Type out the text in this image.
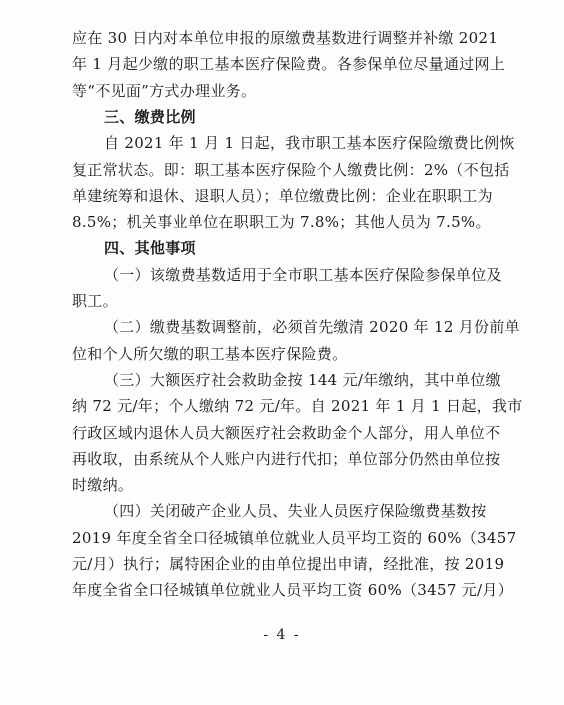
应在 30 日内对本单位申报的原缴费基数进行调整并补缴 2021
年 1 月起少缴的职工基本医疗保险费。各参保单位尽量通过网上
等“不见面”方式办理业务。
三、缴费比例
自 2021 年 1 月 1 日起，我市职工基本医疗保险缴费比例恢
复正常状态。即：职工基本医疗保险个人缴费比例：2%（不包括
单建统筹和退休、退职人员）；单位缴费比例：企业在职职工为
8.5%；机关事业单位在职职工为 7.8%；其他人员为 7.5%。
四、其他事项
（一）该缴费基数适用于全市职工基本医疗保险参保单位及
职工。
（二）缴费基数调整前，必须首先缴清 2020 年 12 月份前单
位和个人所欠缴的职工基本医疗保险费。
（三）大额医疗社会救助金按 144 元/年缴纳，其中单位缴
纳 72 元/年；个人缴纳 72 元/年。自 2021 年 1 月 1 日起，我市
行政区域内退休人员大额医疗社会救助金个人部分，用人单位不
再收取，由系统从个人账户内进行代扣；单位部分仍然由单位按
时缴纳。
（四）关闭破产企业人员、失业人员医疗保险缴费基数按
2019 年度全省全口径城镇单位就业人员平均工资的 60%（3457
元/月）执行；属特困企业的由单位提出申请，经批准，按 2019
年度全省全口径城镇单位就业人员平均工资 60%（3457 元/月）
- 4 -
